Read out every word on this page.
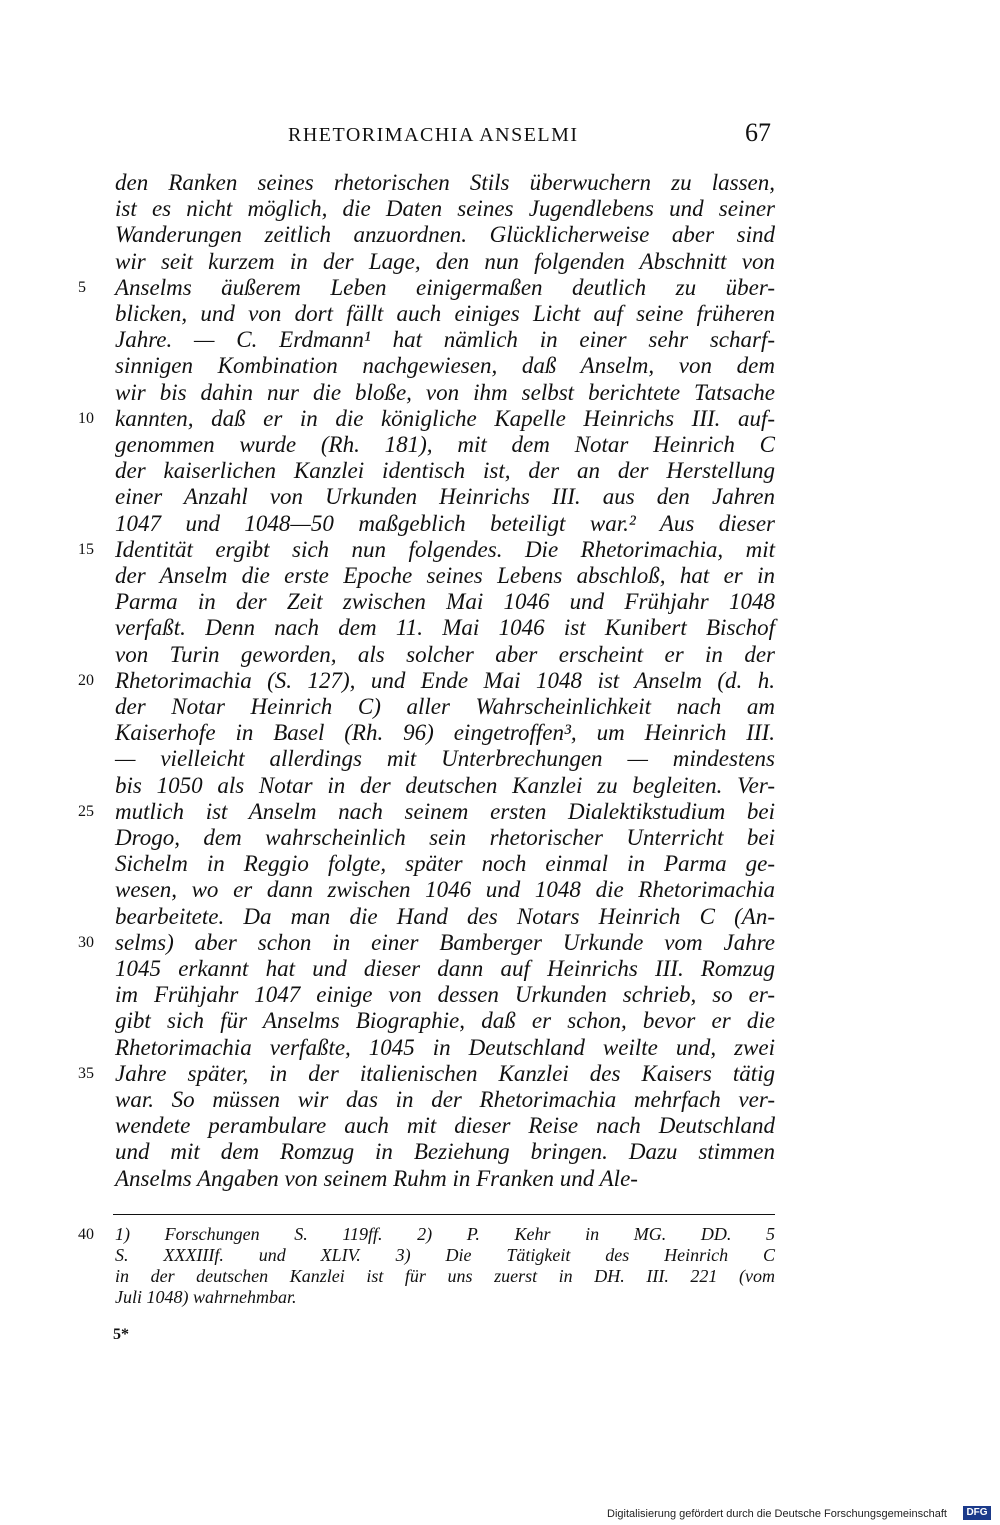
RHETORIMACHIA ANSELMI	67
den Ranken seines rhetorischen Stils überwuchern zu lassen,
ist es nicht möglich, die Daten seines Jugendlebens und seiner
Wanderungen zeitlich anzuordnen. Glücklicherweise aber sind
wir seit kurzem in der Lage, den nun folgenden Abschnitt von
Anselms äußerem Leben einigermaßen deutlich zu über-
blicken, und von dort fällt auch einiges Licht auf seine früheren
Jahre. — C. Erdmann¹ hat nämlich in einer sehr scharf-
sinnigen Kombination nachgewiesen, daß Anselm, von dem
wir bis dahin nur die bloße, von ihm selbst berichtete Tatsache
kannten, daß er in die königliche Kapelle Heinrichs III. auf-
genommen wurde (Rh. 181), mit dem Notar Heinrich C
der kaiserlichen Kanzlei identisch ist, der an der Herstellung
einer Anzahl von Urkunden Heinrichs III. aus den Jahren
1047 und 1048—50 maßgeblich beteiligt war.² Aus dieser
Identität ergibt sich nun folgendes. Die Rhetorimachia, mit
der Anselm die erste Epoche seines Lebens abschloß, hat er in
Parma in der Zeit zwischen Mai 1046 und Frühjahr 1048
verfaßt. Denn nach dem 11. Mai 1046 ist Kunibert Bischof
von Turin geworden, als solcher aber erscheint er in der
Rhetorimachia (S. 127), und Ende Mai 1048 ist Anselm (d. h.
der Notar Heinrich C) aller Wahrscheinlichkeit nach am
Kaiserhofe in Basel (Rh. 96) eingetroffen³, um Heinrich III.
— vielleicht allerdings mit Unterbrechungen — mindestens
bis 1050 als Notar in der deutschen Kanzlei zu begleiten. Ver-
mutlich ist Anselm nach seinem ersten Dialektikstudium bei
Drogo, dem wahrscheinlich sein rhetorischer Unterricht bei
Sichelm in Reggio folgte, später noch einmal in Parma ge-
wesen, wo er dann zwischen 1046 und 1048 die Rhetorimachia
bearbeitete. Da man die Hand des Notars Heinrich C (An-
selms) aber schon in einer Bamberger Urkunde vom Jahre
1045 erkannt hat und dieser dann auf Heinrichs III. Romzug
im Frühjahr 1047 einige von dessen Urkunden schrieb, so er-
gibt sich für Anselms Biographie, daß er schon, bevor er die
Rhetorimachia verfaßte, 1045 in Deutschland weilte und, zwei
Jahre später, in der italienischen Kanzlei des Kaisers tätig
war. So müssen wir das in der Rhetorimachia mehrfach ver-
wendete perambulare auch mit dieser Reise nach Deutschland
und mit dem Romzug in Beziehung bringen. Dazu stimmen
Anselms Angaben von seinem Ruhm in Franken und Ale-
5
10
15
20
25
30
35
40 1) Forschungen S. 119ff. 2) P. Kehr in MG. DD. 5
S. XXXIIIf. und XLIV. 3) Die Tätigkeit des Heinrich C
in der deutschen Kanzlei ist für uns zuerst in DH. III. 221 (vom
Juli 1048) wahrnehmbar.
5*
Digitalisierung gefördert durch die Deutsche Forschungsgemeinschaft	DFG
